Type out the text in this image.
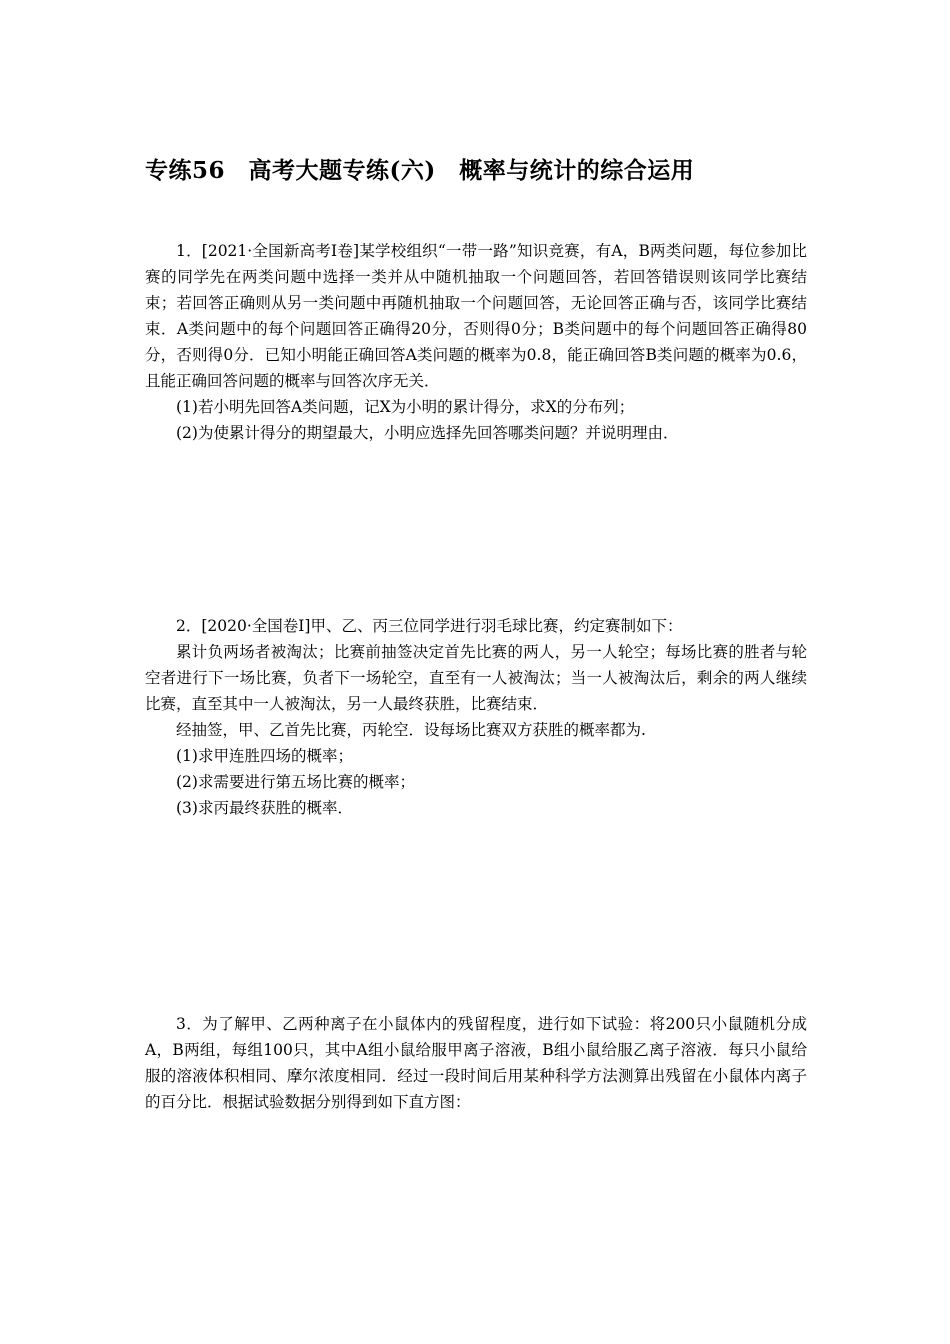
专练56　高考大题专练(六)　概率与统计的综合运用

1．[2021·全国新高考Ⅰ卷]某学校组织“一带一路”知识竞赛，有A，B两类问题，每位参加比赛的同学先在两类问题中选择一类并从中随机抽取一个问题回答，若回答错误则该同学比赛结束；若回答正确则从另一类问题中再随机抽取一个问题回答，无论回答正确与否，该同学比赛结束．A类问题中的每个问题回答正确得20分，否则得0分；B类问题中的每个问题回答正确得80分，否则得0分．已知小明能正确回答A类问题的概率为0.8，能正确回答B类问题的概率为0.6，且能正确回答问题的概率与回答次序无关．

(1)若小明先回答A类问题，记X为小明的累计得分，求X的分布列；

(2)为使累计得分的期望最大，小明应选择先回答哪类问题？并说明理由．

2．[2020·全国卷Ⅰ]甲、乙、丙三位同学进行羽毛球比赛，约定赛制如下：

累计负两场者被淘汰；比赛前抽签决定首先比赛的两人，另一人轮空；每场比赛的胜者与轮空者进行下一场比赛，负者下一场轮空，直至有一人被淘汰；当一人被淘汰后，剩余的两人继续比赛，直至其中一人被淘汰，另一人最终获胜，比赛结束．

经抽签，甲、乙首先比赛，丙轮空．设每场比赛双方获胜的概率都为.

(1)求甲连胜四场的概率；

(2)求需要进行第五场比赛的概率；

(3)求丙最终获胜的概率．

3．为了解甲、乙两种离子在小鼠体内的残留程度，进行如下试验：将200只小鼠随机分成A，B两组，每组100只，其中A组小鼠给服甲离子溶液，B组小鼠给服乙离子溶液．每只小鼠给服的溶液体积相同、摩尔浓度相同．经过一段时间后用某种科学方法测算出残留在小鼠体内离子的百分比．根据试验数据分别得到如下直方图：
